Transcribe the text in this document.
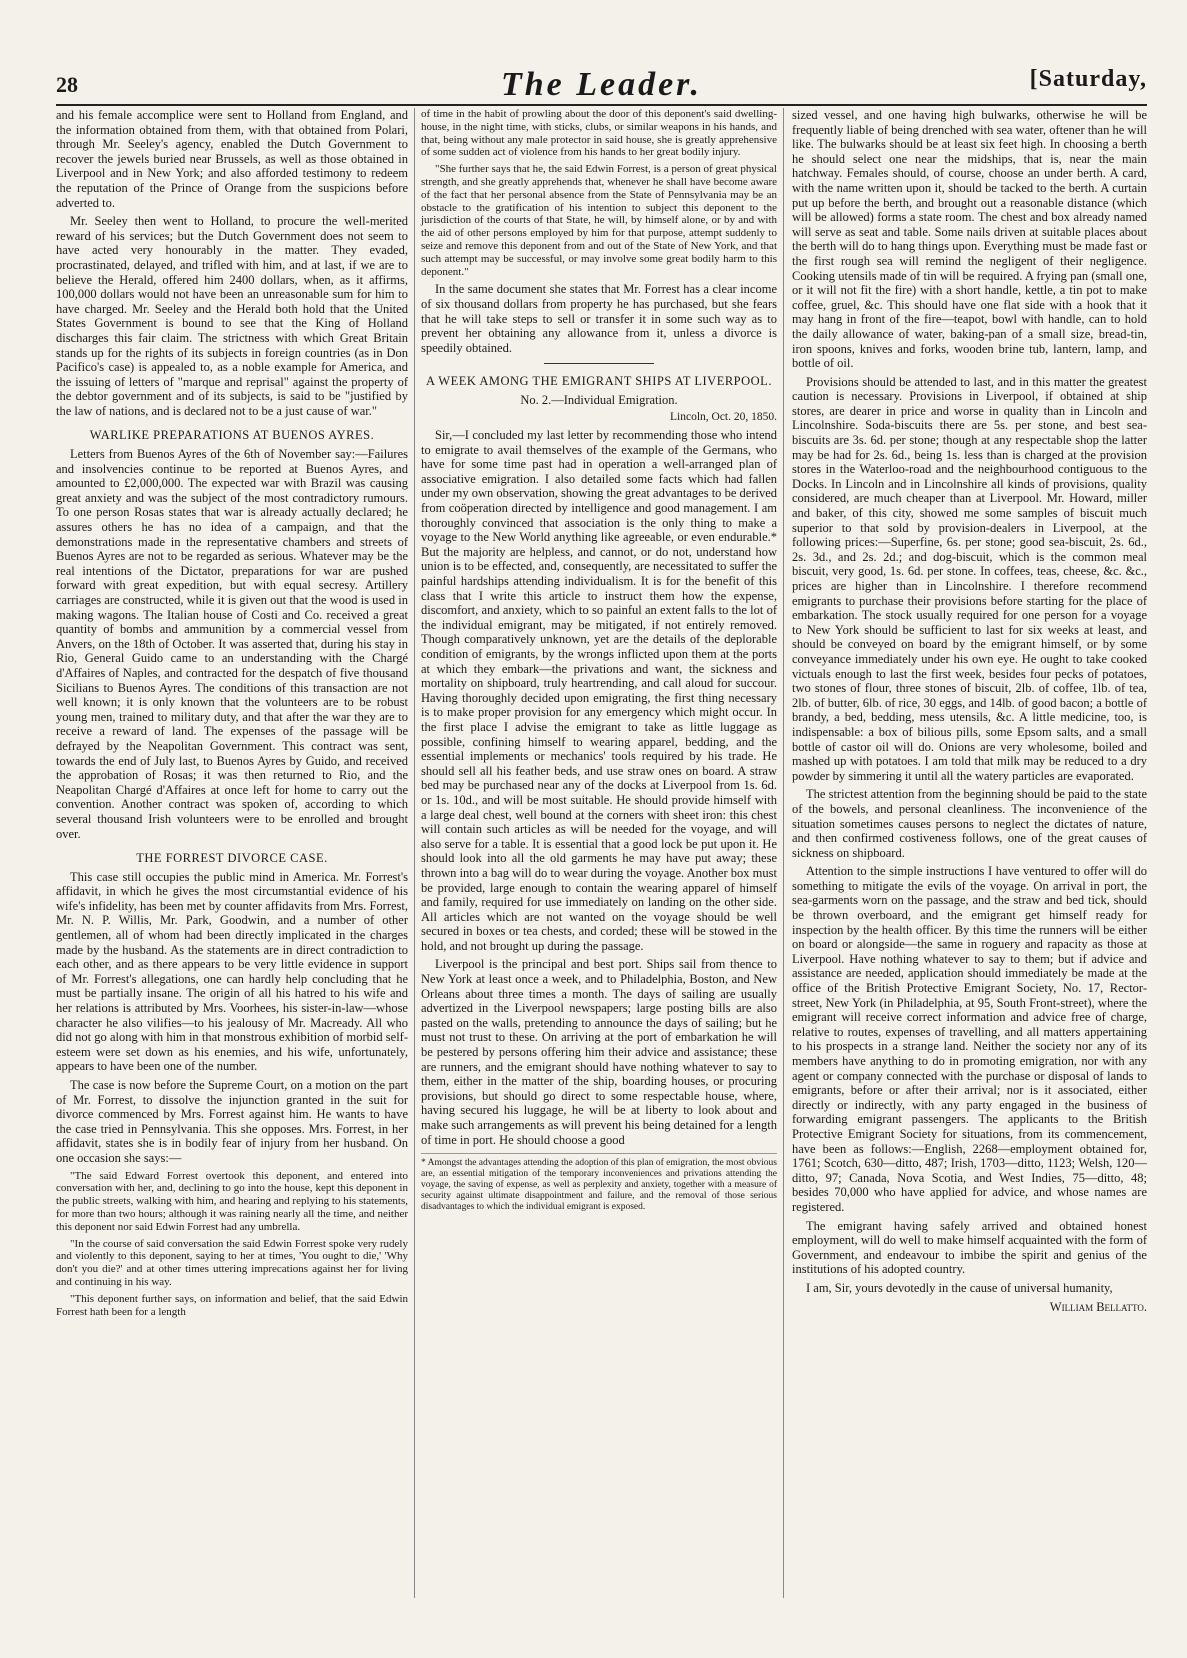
28	The Leader.	[Saturday,

and his female accomplice were sent to Holland from England, and the information obtained from them, with that obtained from Polari, through Mr. Seeley's agency, enabled the Dutch Government to recover the jewels buried near Brussels, as well as those obtained in Liverpool and in New York; and also afforded testimony to redeem the reputation of the Prince of Orange from the suspicions before adverted to.

Mr. Seeley then went to Holland, to procure the well-merited reward of his services; but the Dutch Government does not seem to have acted very honourably in the matter. They evaded, procrastinated, delayed, and trifled with him, and at last, if we are to believe the Herald, offered him 2400 dollars, when, as it affirms, 100,000 dollars would not have been an unreasonable sum for him to have charged. Mr. Seeley and the Herald both hold that the United States Government is bound to see that the King of Holland discharges this fair claim. The strictness with which Great Britain stands up for the rights of its subjects in foreign countries (as in Don Pacifico's case) is appealed to, as a noble example for America, and the issuing of letters of "marque and reprisal" against the property of the debtor government and of its subjects, is said to be "justified by the law of nations, and is declared not to be a just cause of war."

WARLIKE PREPARATIONS AT BUENOS AYRES.

Letters from Buenos Ayres of the 6th of November say:—Failures and insolvencies continue to be reported at Buenos Ayres, and amounted to £2,000,000. The expected war with Brazil was causing great anxiety and was the subject of the most contradictory rumours. To one person Rosas states that war is already actually declared; he assures others he has no idea of a campaign, and that the demonstrations made in the representative chambers and streets of Buenos Ayres are not to be regarded as serious. Whatever may be the real intentions of the Dictator, preparations for war are pushed forward with great expedition, but with equal secresy. Artillery carriages are constructed, while it is given out that the wood is used in making wagons. The Italian house of Costi and Co. received a great quantity of bombs and ammunition by a commercial vessel from Anvers, on the 18th of October. It was asserted that, during his stay in Rio, General Guido came to an understanding with the Chargé d'Affaires of Naples, and contracted for the despatch of five thousand Sicilians to Buenos Ayres. The conditions of this transaction are not well known; it is only known that the volunteers are to be robust young men, trained to military duty, and that after the war they are to receive a reward of land. The expenses of the passage will be defrayed by the Neapolitan Government. This contract was sent, towards the end of July last, to Buenos Ayres by Guido, and received the approbation of Rosas; it was then returned to Rio, and the Neapolitan Chargé d'Affaires at once left for home to carry out the convention. Another contract was spoken of, according to which several thousand Irish volunteers were to be enrolled and brought over.

THE FORREST DIVORCE CASE.

This case still occupies the public mind in America. Mr. Forrest's affidavit, in which he gives the most circumstantial evidence of his wife's infidelity, has been met by counter affidavits from Mrs. Forrest, Mr. N. P. Willis, Mr. Park, Goodwin, and a number of other gentlemen, all of whom had been directly implicated in the charges made by the husband. As the statements are in direct contradiction to each other, and as there appears to be very little evidence in support of Mr. Forrest's allegations, one can hardly help concluding that he must be partially insane. The origin of all his hatred to his wife and her relations is attributed by Mrs. Voorhees, his sister-in-law—whose character he also vilifies—to his jealousy of Mr. Macready. All who did not go along with him in that monstrous exhibition of morbid self-esteem were set down as his enemies, and his wife, unfortunately, appears to have been one of the number.

The case is now before the Supreme Court, on a motion on the part of Mr. Forrest, to dissolve the injunction granted in the suit for divorce commenced by Mrs. Forrest against him. He wants to have the case tried in Pennsylvania. This she opposes. Mrs. Forrest, in her affidavit, states she is in bodily fear of injury from her husband. On one occasion she says:—

"The said Edward Forrest overtook this deponent, and entered into conversation with her, and, declining to go into the house, kept this deponent in the public streets, walking with him, and hearing and replying to his statements, for more than two hours; although it was raining nearly all the time, and neither this deponent nor said Edwin Forrest had any umbrella.

"In the course of said conversation the said Edwin Forrest spoke very rudely and violently to this deponent, saying to her at times, 'You ought to die,' 'Why don't you die?' and at other times uttering imprecations against her for living and continuing in his way.

"This deponent further says, on information and belief, that the said Edwin Forrest hath been for a length

of time in the habit of prowling about the door of this deponent's said dwelling-house, in the night time, with sticks, clubs, or similar weapons in his hands, and that, being without any male protector in said house, she is greatly apprehensive of some sudden act of violence from his hands to her great bodily injury.

"She further says that he, the said Edwin Forrest, is a person of great physical strength, and she greatly apprehends that, whenever he shall have become aware of the fact that her personal absence from the State of Pennsylvania may be an obstacle to the gratification of his intention to subject this deponent to the jurisdiction of the courts of that State, he will, by himself alone, or by and with the aid of other persons employed by him for that purpose, attempt suddenly to seize and remove this deponent from and out of the State of New York, and that such attempt may be successful, or may involve some great bodily harm to this deponent."

In the same document she states that Mr. Forrest has a clear income of six thousand dollars from property he has purchased, but she fears that he will take steps to sell or transfer it in some such way as to prevent her obtaining any allowance from it, unless a divorce is speedily obtained.

A WEEK AMONG THE EMIGRANT SHIPS AT LIVERPOOL.
No. 2.—Individual Emigration.
Lincoln, Oct. 20, 1850.

Sir,—I concluded my last letter by recommending those who intend to emigrate to avail themselves of the example of the Germans, who have for some time past had in operation a well-arranged plan of associative emigration. I also detailed some facts which had fallen under my own observation, showing the great advantages to be derived from coöperation directed by intelligence and good management. I am thoroughly convinced that association is the only thing to make a voyage to the New World anything like agreeable, or even endurable.* But the majority are helpless, and cannot, or do not, understand how union is to be effected, and, consequently, are necessitated to suffer the painful hardships attending individualism. It is for the benefit of this class that I write this article to instruct them how the expense, discomfort, and anxiety, which to so painful an extent falls to the lot of the individual emigrant, may be mitigated, if not entirely removed. Though comparatively unknown, yet are the details of the deplorable condition of emigrants, by the wrongs inflicted upon them at the ports at which they embark—the privations and want, the sickness and mortality on shipboard, truly heartrending, and call aloud for succour. Having thoroughly decided upon emigrating, the first thing necessary is to make proper provision for any emergency which might occur. In the first place I advise the emigrant to take as little luggage as possible, confining himself to wearing apparel, bedding, and the essential implements or mechanics' tools required by his trade. He should sell all his feather beds, and use straw ones on board. A straw bed may be purchased near any of the docks at Liverpool from 1s. 6d. or 1s. 10d., and will be most suitable. He should provide himself with a large deal chest, well bound at the corners with sheet iron: this chest will contain such articles as will be needed for the voyage, and will also serve for a table. It is essential that a good lock be put upon it. He should look into all the old garments he may have put away; these thrown into a bag will do to wear during the voyage. Another box must be provided, large enough to contain the wearing apparel of himself and family, required for use immediately on landing on the other side. All articles which are not wanted on the voyage should be well secured in boxes or tea chests, and corded; these will be stowed in the hold, and not brought up during the passage.

Liverpool is the principal and best port. Ships sail from thence to New York at least once a week, and to Philadelphia, Boston, and New Orleans about three times a month. The days of sailing are usually advertized in the Liverpool newspapers; large posting bills are also pasted on the walls, pretending to announce the days of sailing; but he must not trust to these. On arriving at the port of embarkation he will be pestered by persons offering him their advice and assistance; these are runners, and the emigrant should have nothing whatever to say to them, either in the matter of the ship, boarding houses, or procuring provisions, but should go direct to some respectable house, where, having secured his luggage, he will be at liberty to look about and make such arrangements as will prevent his being detained for a length of time in port. He should choose a good

* Amongst the advantages attending the adoption of this plan of emigration, the most obvious are, an essential mitigation of the temporary inconveniences and privations attending the voyage, the saving of expense, as well as perplexity and anxiety, together with a measure of security against ultimate disappointment and failure, and the removal of those serious disadvantages to which the individual emigrant is exposed.

sized vessel, and one having high bulwarks, otherwise he will be frequently liable of being drenched with sea water, oftener than he will like. The bulwarks should be at least six feet high. In choosing a berth he should select one near the midships, that is, near the main hatchway. Females should, of course, choose an under berth. A card, with the name written upon it, should be tacked to the berth. A curtain put up before the berth, and brought out a reasonable distance (which will be allowed) forms a state room. The chest and box already named will serve as seat and table. Some nails driven at suitable places about the berth will do to hang things upon. Everything must be made fast or the first rough sea will remind the negligent of their negligence. Cooking utensils made of tin will be required. A frying pan (small one, or it will not fit the fire) with a short handle, kettle, a tin pot to make coffee, gruel, &c. This should have one flat side with a hook that it may hang in front of the fire—teapot, bowl with handle, can to hold the daily allowance of water, baking-pan of a small size, bread-tin, iron spoons, knives and forks, wooden brine tub, lantern, lamp, and bottle of oil.

Provisions should be attended to last, and in this matter the greatest caution is necessary. Provisions in Liverpool, if obtained at ship stores, are dearer in price and worse in quality than in Lincoln and Lincolnshire. Soda-biscuits there are 5s. per stone, and best sea-biscuits are 3s. 6d. per stone; though at any respectable shop the latter may be had for 2s. 6d., being 1s. less than is charged at the provision stores in the Waterloo-road and the neighbourhood contiguous to the Docks. In Lincoln and in Lincolnshire all kinds of provisions, quality considered, are much cheaper than at Liverpool. Mr. Howard, miller and baker, of this city, showed me some samples of biscuit much superior to that sold by provision-dealers in Liverpool, at the following prices:—Superfine, 6s. per stone; good sea-biscuit, 2s. 6d., 2s. 3d., and 2s. 2d.; and dog-biscuit, which is the common meal biscuit, very good, 1s. 6d. per stone. In coffees, teas, cheese, &c. &c., prices are higher than in Lincolnshire. I therefore recommend emigrants to purchase their provisions before starting for the place of embarkation. The stock usually required for one person for a voyage to New York should be sufficient to last for six weeks at least, and should be conveyed on board by the emigrant himself, or by some conveyance immediately under his own eye. He ought to take cooked victuals enough to last the first week, besides four pecks of potatoes, two stones of flour, three stones of biscuit, 2lb. of coffee, 1lb. of tea, 2lb. of butter, 6lb. of rice, 30 eggs, and 14lb. of good bacon; a bottle of brandy, a bed, bedding, mess utensils, &c. A little medicine, too, is indispensable: a box of bilious pills, some Epsom salts, and a small bottle of castor oil will do. Onions are very wholesome, boiled and mashed up with potatoes. I am told that milk may be reduced to a dry powder by simmering it until all the watery particles are evaporated.

The strictest attention from the beginning should be paid to the state of the bowels, and personal cleanliness. The inconvenience of the situation sometimes causes persons to neglect the dictates of nature, and then confirmed costiveness follows, one of the great causes of sickness on shipboard.

Attention to the simple instructions I have ventured to offer will do something to mitigate the evils of the voyage. On arrival in port, the sea-garments worn on the passage, and the straw and bed tick, should be thrown overboard, and the emigrant get himself ready for inspection by the health officer. By this time the runners will be either on board or alongside—the same in roguery and rapacity as those at Liverpool. Have nothing whatever to say to them; but if advice and assistance are needed, application should immediately be made at the office of the British Protective Emigrant Society, No. 17, Rector-street, New York (in Philadelphia, at 95, South Front-street), where the emigrant will receive correct information and advice free of charge, relative to routes, expenses of travelling, and all matters appertaining to his prospects in a strange land. Neither the society nor any of its members have anything to do in promoting emigration, nor with any agent or company connected with the purchase or disposal of lands to emigrants, before or after their arrival; nor is it associated, either directly or indirectly, with any party engaged in the business of forwarding emigrant passengers. The applicants to the British Protective Emigrant Society for situations, from its commencement, have been as follows:—English, 2268—employment obtained for, 1761; Scotch, 630—ditto, 487; Irish, 1703—ditto, 1123; Welsh, 120—ditto, 97; Canada, Nova Scotia, and West Indies, 75—ditto, 48; besides 70,000 who have applied for advice, and whose names are registered.

The emigrant having safely arrived and obtained honest employment, will do well to make himself acquainted with the form of Government, and endeavour to imbibe the spirit and genius of the institutions of his adopted country.

I am, Sir, yours devotedly in the cause of universal humanity,

William Bellatto.
